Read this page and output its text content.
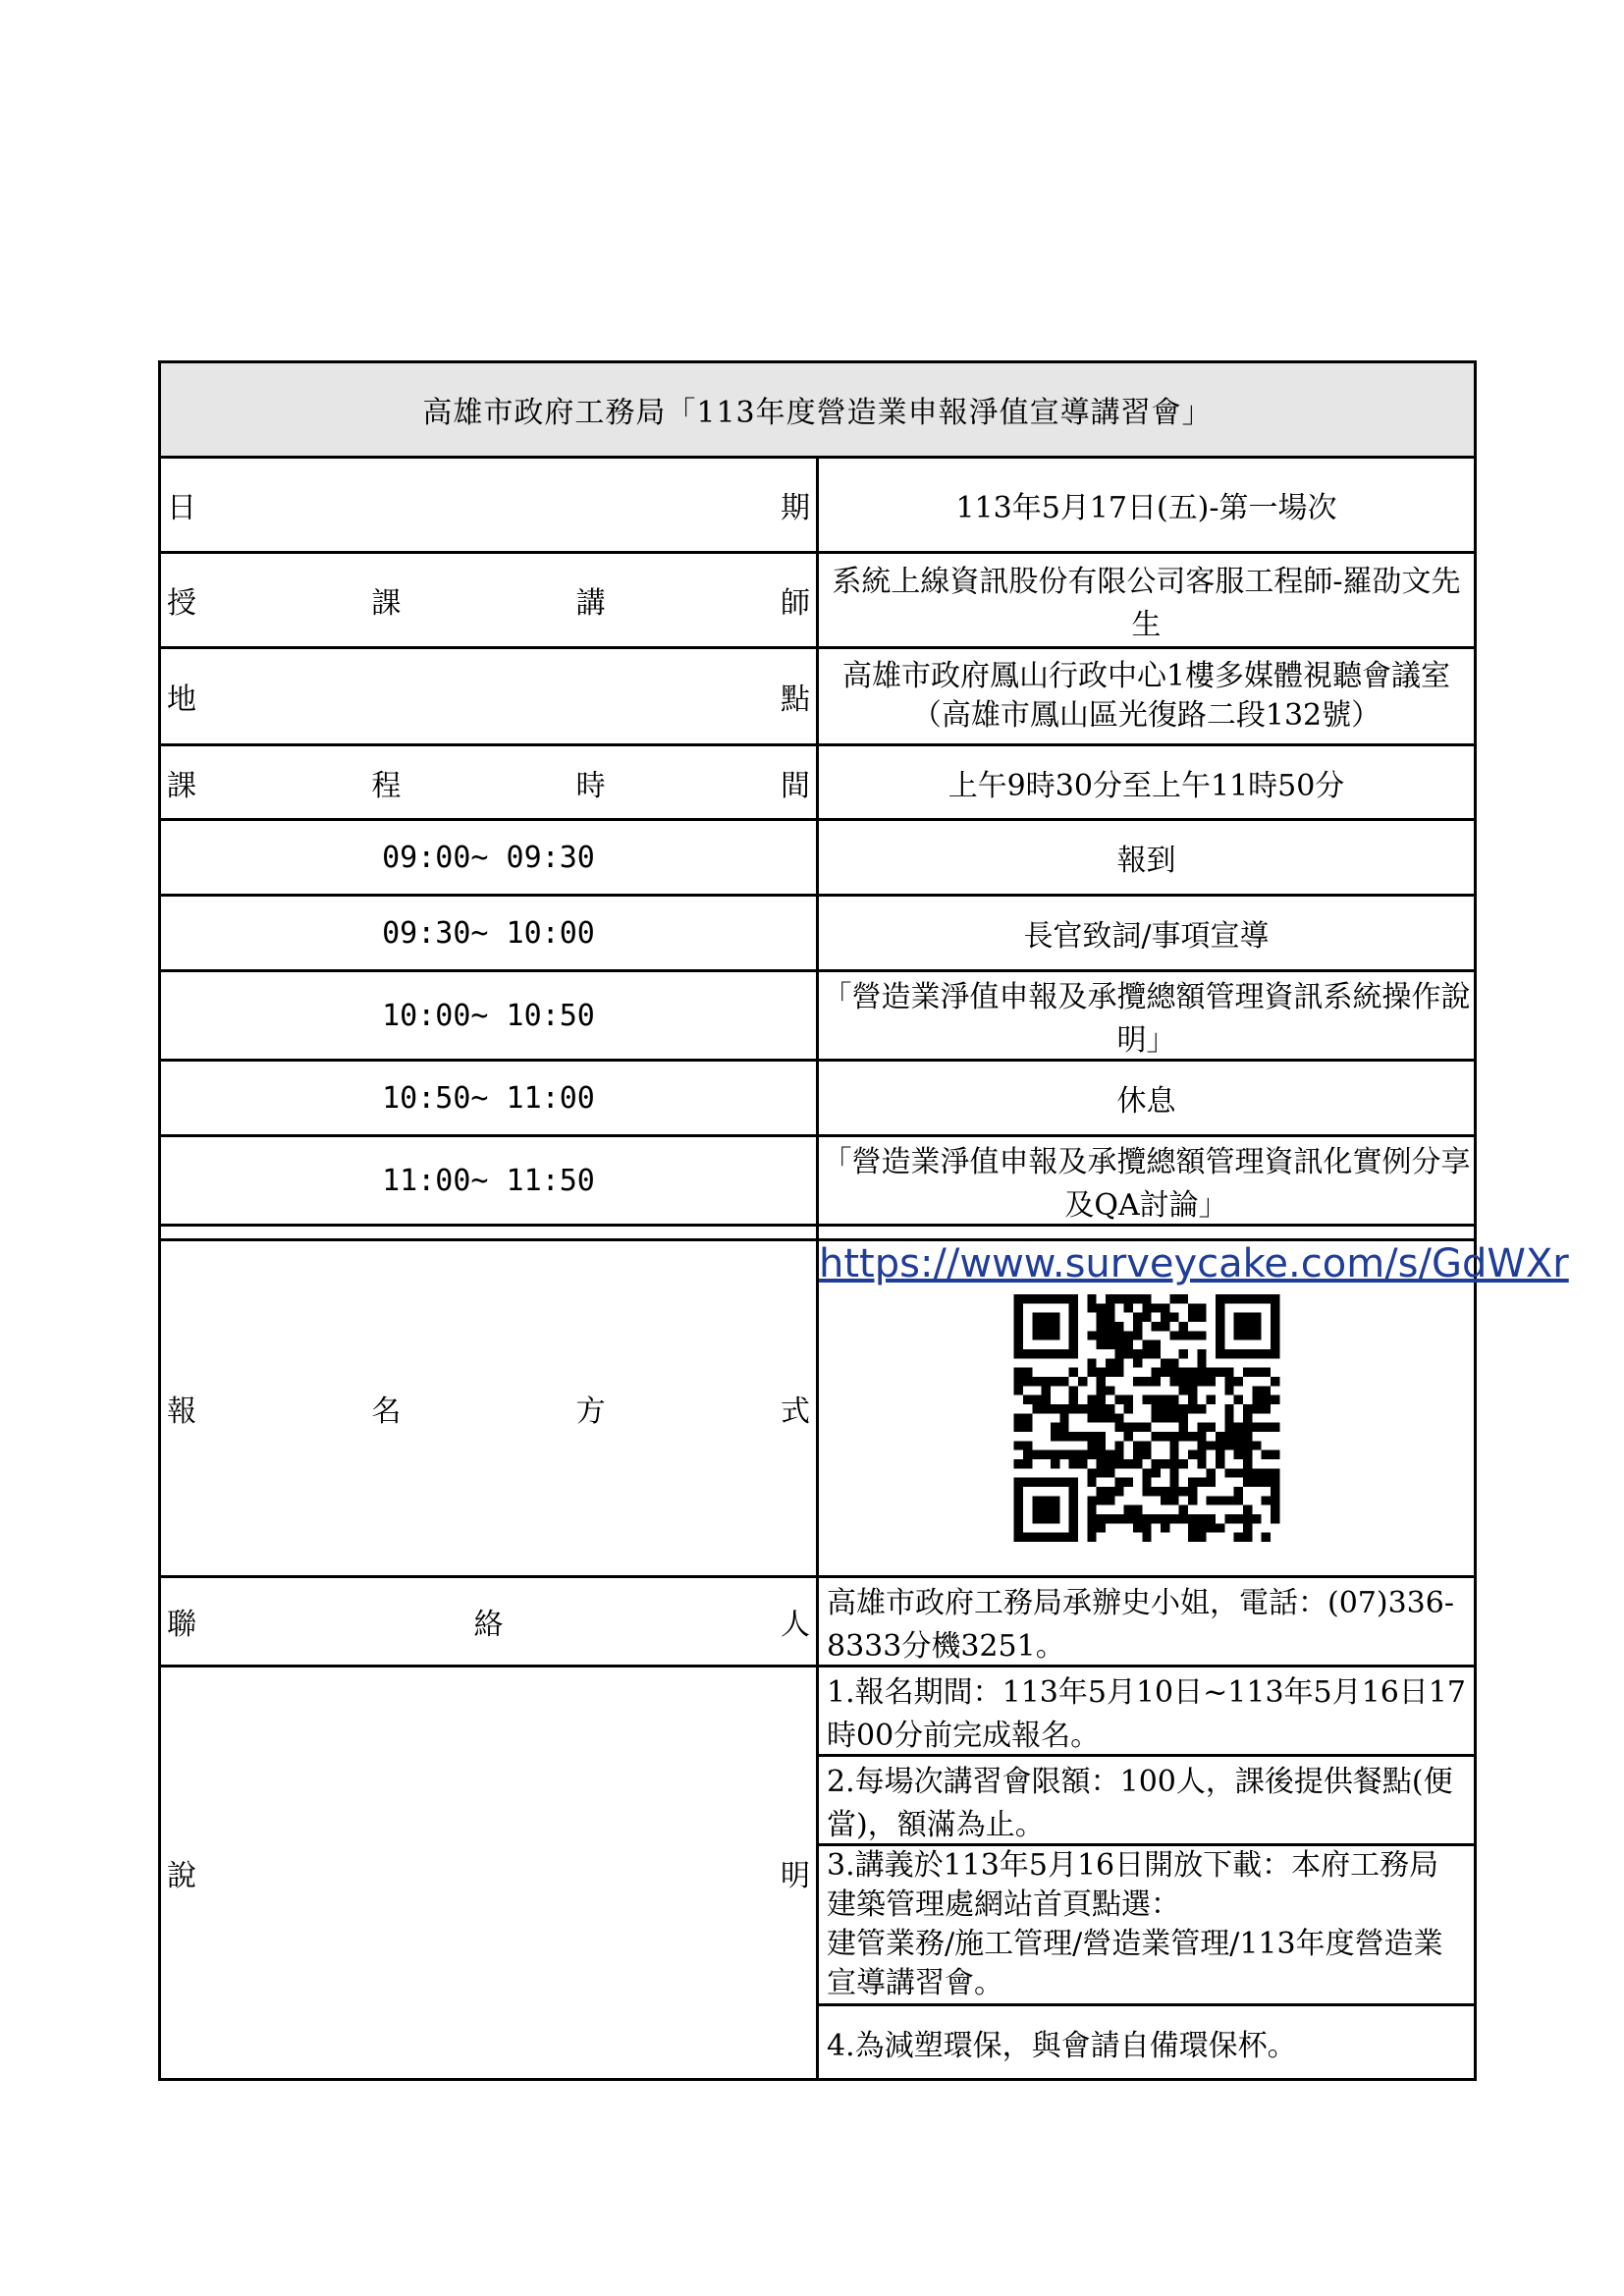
高雄市政府工務局「113年度營造業申報淨值宣導講習會」	

日 期	113年5月17日(五)-第一場次

授 課 講 師	系統上線資訊股份有限公司客服工程師-羅劭文先生

地 點	高雄市政府鳳山行政中心1樓多媒體視聽會議室
（高雄市鳳山區光復路二段132號）

課 程 時 間	上午9時30分至上午11時50分
09:00~ 09:30	報到
09:30~ 10:00	長官致詞/事項宣導
10:00~ 10:50	「營造業淨值申報及承攬總額管理資訊系統操作說明」
10:50~ 11:00	休息
11:00~ 11:50	「營造業淨值申報及承攬總額管理資訊化實例分享及QA討論」

報 名 方 式	https://www.surveycake.com/s/GdWXr

聯 絡 人	高雄市政府工務局承辦史小姐，電話：(07)336-8333分機3251。

說 明	1.報名期間：113年5月10日~113年5月16日17時00分前完成報名。
	2.每場次講習會限額：100人，課後提供餐點(便當)，額滿為止。

	3.講義於113年5月16日開放下載：本府工務局建築管理處網站首頁點選：
建管業務/施工管理/營造業管理/113年度營造業宣導講習會。

	4.為減塑環保，與會請自備環保杯。
